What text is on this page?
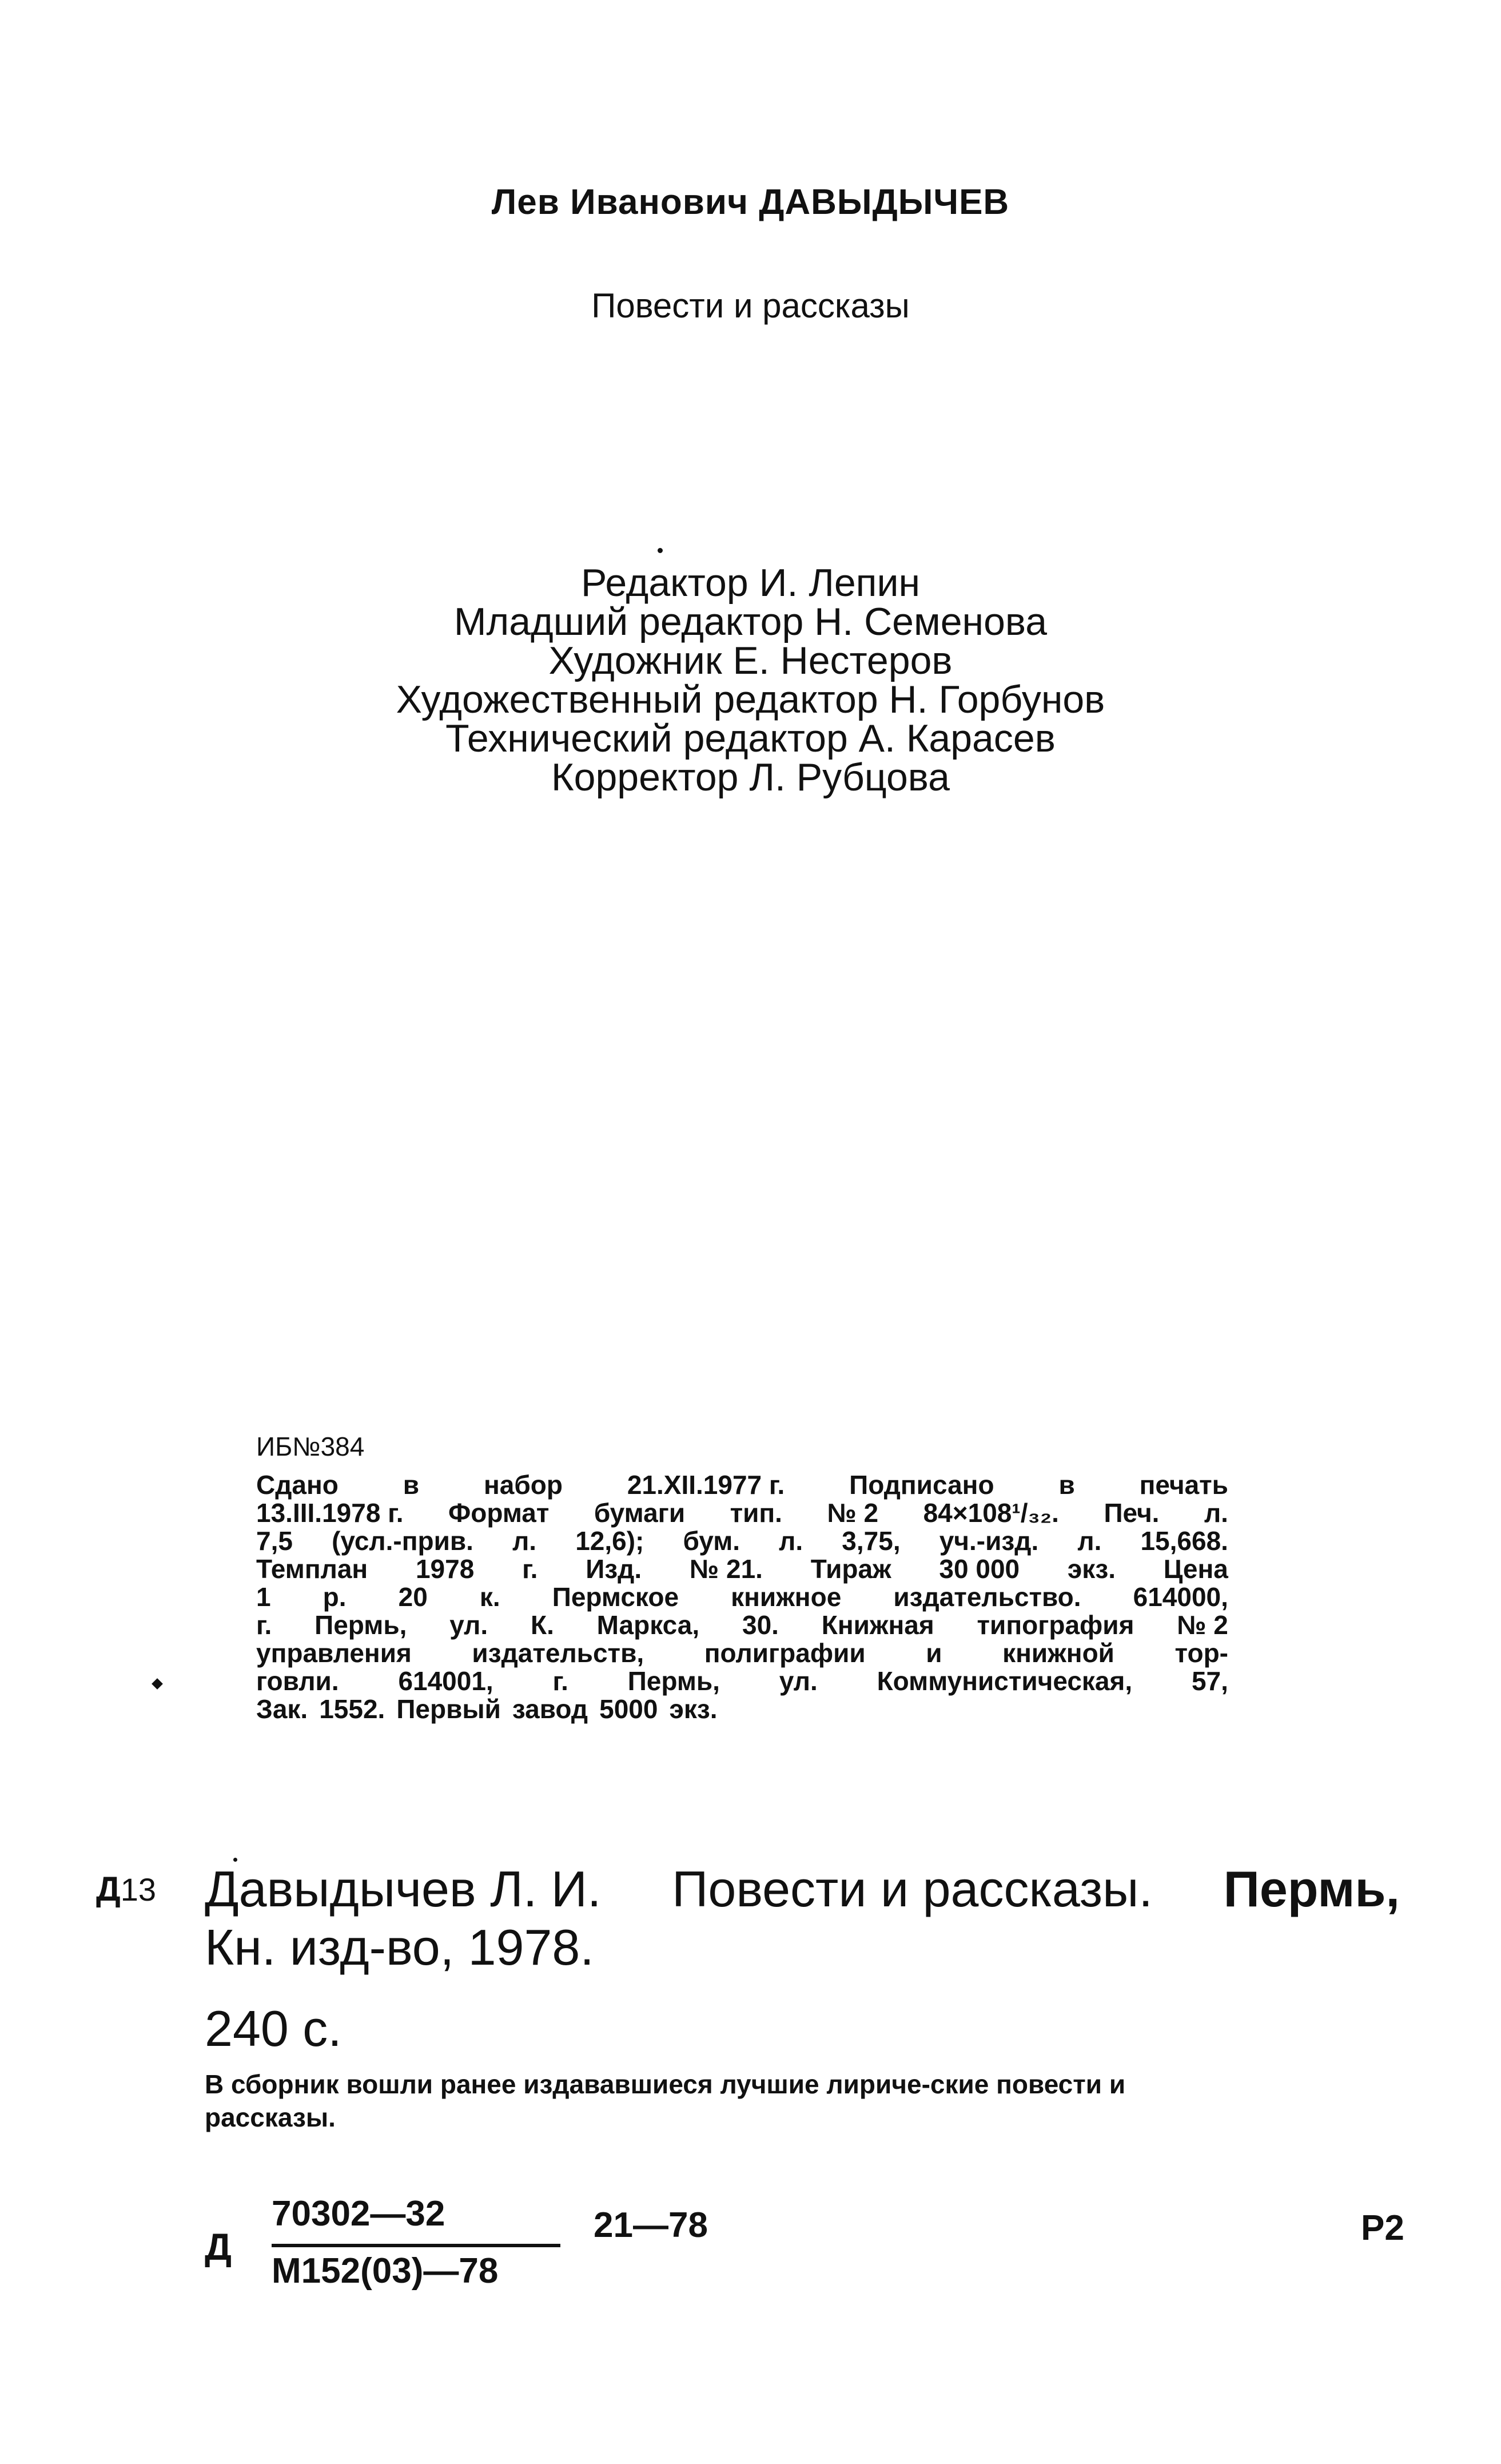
Лев Иванович ДАВЫДЫЧЕВ
Повести и рассказы
Редактор И. Лепин
Младший редактор Н. Семенова
Художник Е. Нестеров
Художественный редактор Н. Горбунов
Технический редактор А. Карасев
Корректор Л. Рубцова
ИБ№384
Сдано в набор 21.XII.1977 г. Подписано в печать
13.III.1978 г. Формат бумаги тип. № 2 84×108¹/₃₂. Печ. л.
7,5 (усл.-прив. л. 12,6); бум. л. 3,75, уч.-изд. л. 15,668.
Темплан 1978 г. Изд. № 21. Тираж 30 000 экз. Цена
1 р. 20 к. Пермское книжное издательство. 614000,
г. Пермь, ул. К. Маркса, 30. Книжная типография № 2
управления издательств, полиграфии и книжной тор-
говли. 614001, г. Пермь, ул. Коммунистическая, 57,
Зак. 1552. Первый завод 5000 экз.
Д13 Давыдычев Л. И. Повести и рассказы. Пермь,
Кн. изд-во, 1978.
240 с.
В сборник вошли ранее издававшиеся лучшие лириче-ские повести и рассказы.
Д
70302—32
М152(03)—78
21—78	Р2
